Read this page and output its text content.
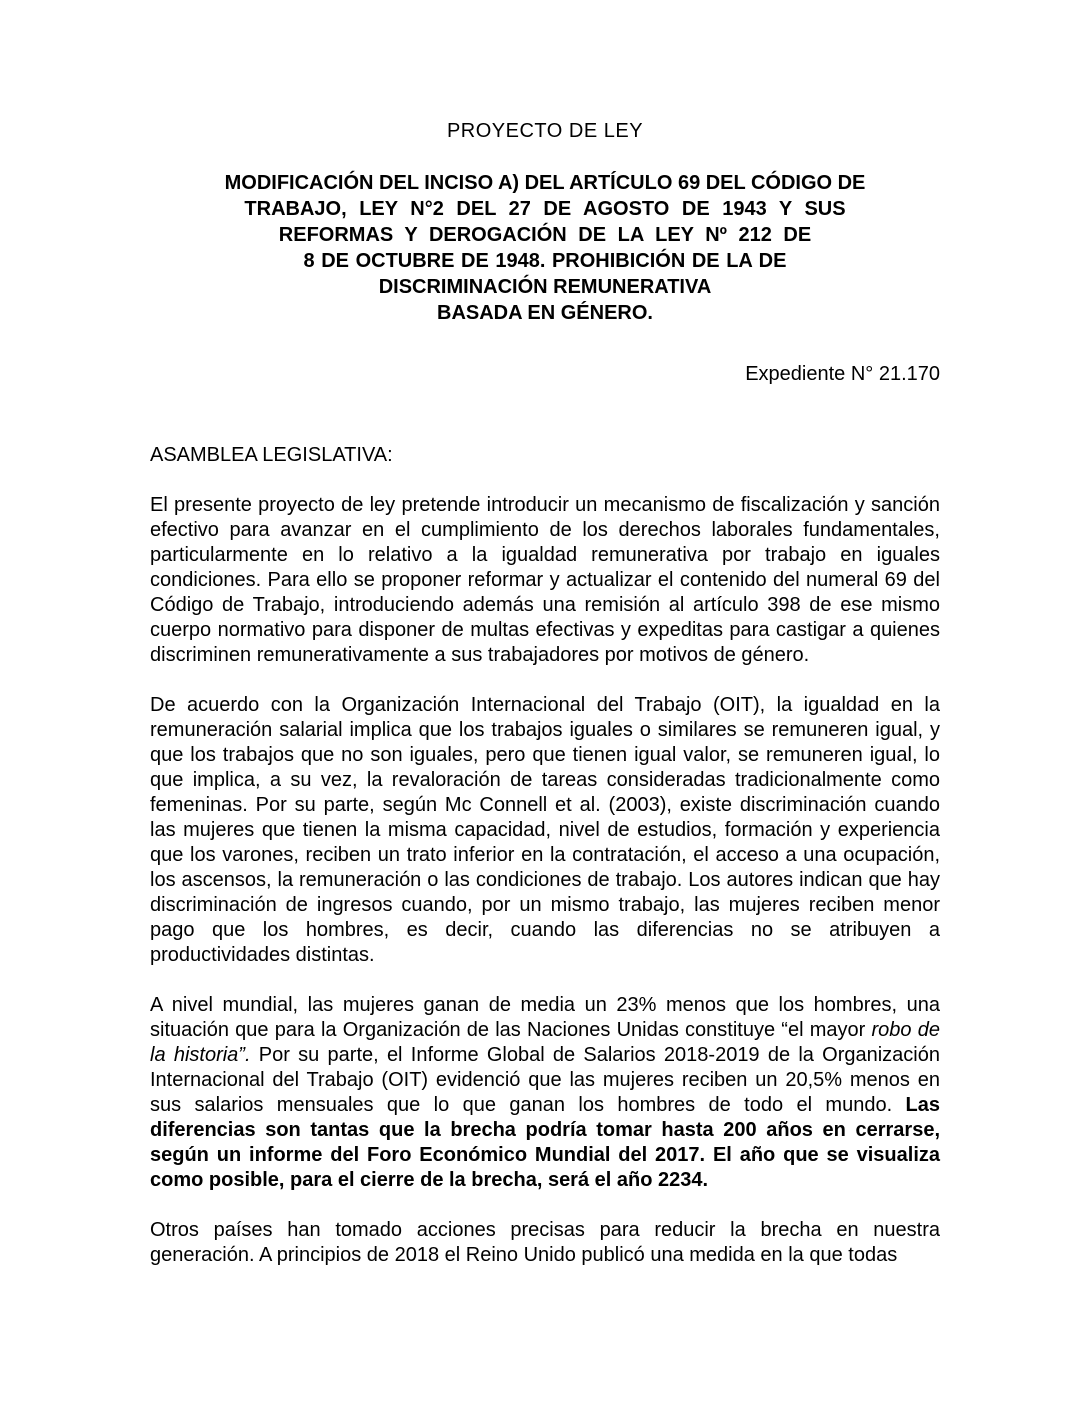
PROYECTO DE LEY
MODIFICACIÓN DEL INCISO A) DEL ARTÍCULO 69 DEL CÓDIGO DE
TRABAJO, LEY N°2 DEL 27 DE AGOSTO DE 1943 Y SUS
REFORMAS Y DEROGACIÓN DE LA LEY Nº 212 DE
8 DE OCTUBRE DE 1948. PROHIBICIÓN DE LA DE
DISCRIMINACIÓN REMUNERATIVA
BASADA EN GÉNERO.
Expediente N° 21.170
ASAMBLEA LEGISLATIVA:

El presente proyecto de ley pretende introducir un mecanismo de fiscalización y sanción efectivo para avanzar en el cumplimiento de los derechos laborales fundamentales, particularmente en lo relativo a la igualdad remunerativa por trabajo en iguales condiciones. Para ello se proponer reformar y actualizar el contenido del numeral 69 del Código de Trabajo, introduciendo además una remisión al artículo 398 de ese mismo cuerpo normativo para disponer de multas efectivas y expeditas para castigar a quienes discriminen remunerativamente a sus trabajadores por motivos de género.

De acuerdo con la Organización Internacional del Trabajo (OIT), la igualdad en la remuneración salarial implica que los trabajos iguales o similares se remuneren igual, y que los trabajos que no son iguales, pero que tienen igual valor, se remuneren igual, lo que implica, a su vez, la revaloración de tareas consideradas tradicionalmente como femeninas. Por su parte, según Mc Connell et al. (2003), existe discriminación cuando las mujeres que tienen la misma capacidad, nivel de estudios, formación y experiencia que los varones, reciben un trato inferior en la contratación, el acceso a una ocupación, los ascensos, la remuneración o las condiciones de trabajo. Los autores indican que hay discriminación de ingresos cuando, por un mismo trabajo, las mujeres reciben menor pago que los hombres, es decir, cuando las diferencias no se atribuyen a productividades distintas.

A nivel mundial, las mujeres ganan de media un 23% menos que los hombres, una situación que para la Organización de las Naciones Unidas constituye “el mayor robo de la historia”. Por su parte, el Informe Global de Salarios 2018-2019 de la Organización Internacional del Trabajo (OIT) evidenció que las mujeres reciben un 20,5% menos en sus salarios mensuales que lo que ganan los hombres de todo el mundo. Las diferencias son tantas que la brecha podría tomar hasta 200 años en cerrarse, según un informe del Foro Económico Mundial del 2017. El año que se visualiza como posible, para el cierre de la brecha, será el año 2234.

Otros países han tomado acciones precisas para reducir la brecha en nuestra generación. A principios de 2018 el Reino Unido publicó una medida en la que todas
